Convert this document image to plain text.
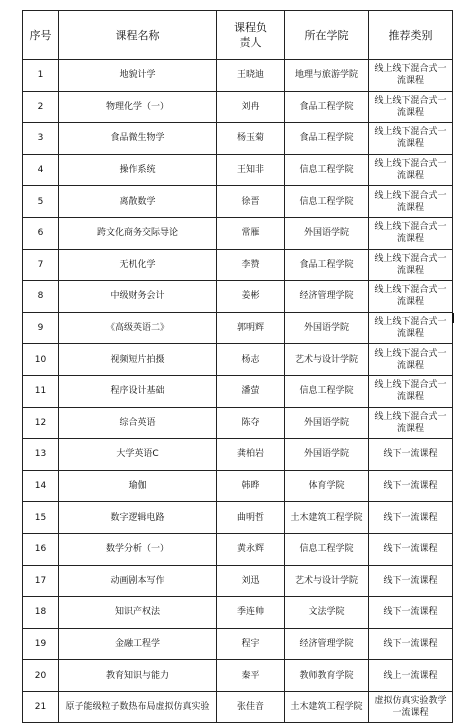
序号	课程名称	课程负责人	所在学院	推荐类别
1	地貌计学	王晓迪	地理与旅游学院	线上线下混合式一流课程
2	物理化学（一）	刘冉	食品工程学院	线上线下混合式一流课程
3	食品微生物学	杨玉菊	食品工程学院	线上线下混合式一流课程
4	操作系统	王知非	信息工程学院	线上线下混合式一流课程
5	离散数学	徐晋	信息工程学院	线上线下混合式一流课程
6	跨文化商务交际导论	常雁	外国语学院	线上线下混合式一流课程
7	无机化学	李赞	食品工程学院	线上线下混合式一流课程
8	中级财务会计	姜彬	经济管理学院	线上线下混合式一流课程
9	《高级英语二》	郭明辉	外国语学院	线上线下混合式一流课程
10	视频短片拍摄	杨志	艺术与设计学院	线上线下混合式一流课程
11	程序设计基础	潘萤	信息工程学院	线上线下混合式一流课程
12	综合英语	陈夺	外国语学院	线上线下混合式一流课程
13	大学英语C	龚柏岩	外国语学院	线下一流课程
14	瑜伽	韩晔	体育学院	线下一流课程
15	数字逻辑电路	曲明哲	土木建筑工程学院	线下一流课程
16	数学分析（一）	黄永辉	信息工程学院	线下一流课程
17	动画剧本写作	刘迅	艺术与设计学院	线下一流课程
18	知识产权法	季连帅	文法学院	线下一流课程
19	金融工程学	程宇	经济管理学院	线下一流课程
20	教育知识与能力	秦平	教师教育学院	线上一流课程
21	原子能级粒子数热布局虚拟仿真实验	张佳音	土木建筑工程学院	虚拟仿真实验教学一流课程
